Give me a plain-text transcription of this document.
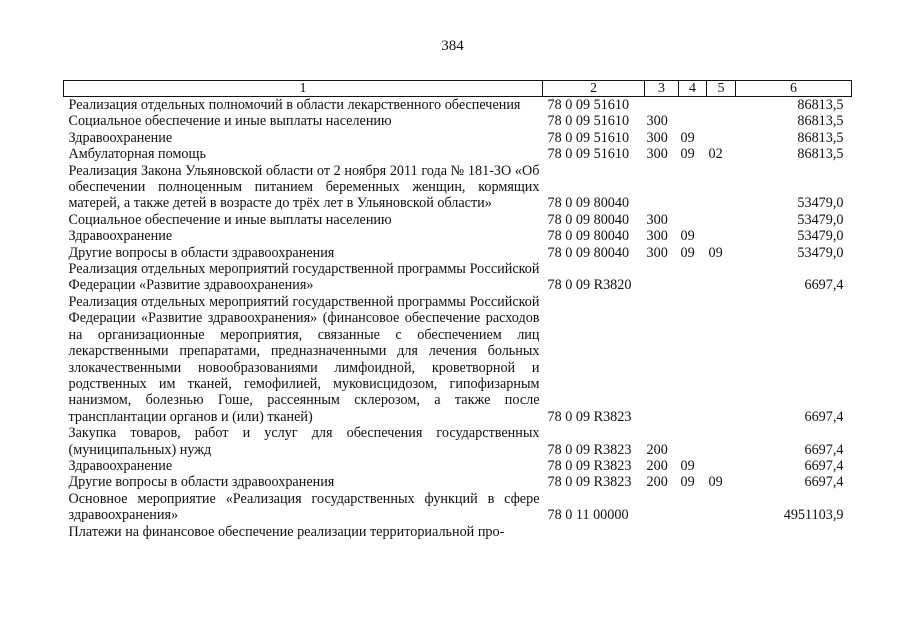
384
1	2	3	4	5	6
Реализация отдельных полномочий в области лекарственного обеспечения	78 0 09 51610				86813,5
Социальное обеспечение и иные выплаты населению	78 0 09 51610	300			86813,5
Здравоохранение	78 0 09 51610	300	09		86813,5
Амбулаторная помощь	78 0 09 51610	300	09	02	86813,5
Реализация Закона Ульяновской области от 2 ноября 2011 года № 181-ЗО «Об обеспечении полноценным питанием беременных женщин, кормящих матерей, а также детей в возрасте до трёх лет в Ульяновской области»	78 0 09 80040				53479,0
Социальное обеспечение и иные выплаты населению	78 0 09 80040	300			53479,0
Здравоохранение	78 0 09 80040	300	09		53479,0
Другие вопросы в области здравоохранения	78 0 09 80040	300	09	09	53479,0
Реализация отдельных мероприятий государственной программы Российской Федерации «Развитие здравоохранения»	78 0 09 R3820				6697,4
Реализация отдельных мероприятий государственной программы Российской Федерации «Развитие здравоохранения» (финансовое обеспечение расходов на организационные мероприятия, связанные с обеспечением лиц лекарственными препаратами, предназначенными для лечения больных злокачественными новообразованиями лимфоидной, кроветворной и родственных им тканей, гемофилией, муковисцидозом, гипофизарным нанизмом, болезнью Гоше, рассеянным склерозом, а также после трансплантации органов и (или) тканей)	78 0 09 R3823				6697,4
Закупка товаров, работ и услуг для обеспечения государственных (муниципальных) нужд	78 0 09 R3823	200			6697,4
Здравоохранение	78 0 09 R3823	200	09		6697,4
Другие вопросы в области здравоохранения	78 0 09 R3823	200	09	09	6697,4
Основное мероприятие «Реализация государственных функций в сфере здравоохранения»	78 0 11 00000				4951103,9
Платежи на финансовое обеспечение реализации территориальной про-					
